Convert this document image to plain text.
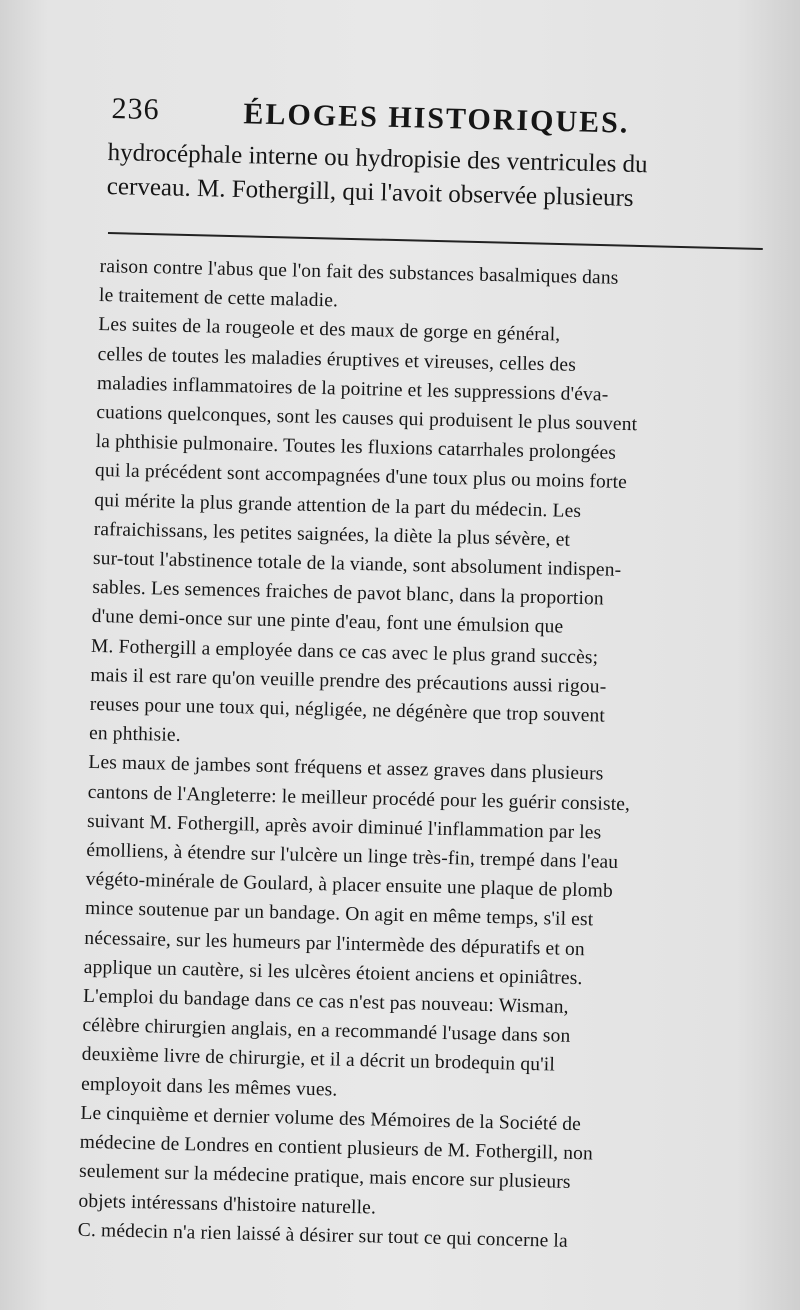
236	ÉLOGES HISTORIQUES.
hydrocéphale interne ou hydropisie des ventricules du
cerveau. M. Fothergill, qui l'avoit observée plusieurs
raison contre l'abus que l'on fait des substances basalmiques dans
le traitement de cette maladie.
Les suites de la rougeole et des maux de gorge en général,
celles de toutes les maladies éruptives et vireuses, celles des
maladies inflammatoires de la poitrine et les suppressions d'éva-
cuations quelconques, sont les causes qui produisent le plus souvent
la phthisie pulmonaire. Toutes les fluxions catarrhales prolongées
qui la précédent sont accompagnées d'une toux plus ou moins forte
qui mérite la plus grande attention de la part du médecin. Les
rafraichissans, les petites saignées, la diète la plus sévère, et
sur-tout l'abstinence totale de la viande, sont absolument indispen-
sables. Les semences fraiches de pavot blanc, dans la proportion
d'une demi-once sur une pinte d'eau, font une émulsion que
M. Fothergill a employée dans ce cas avec le plus grand succès;
mais il est rare qu'on veuille prendre des précautions aussi rigou-
reuses pour une toux qui, négligée, ne dégénère que trop souvent
en phthisie.
Les maux de jambes sont fréquens et assez graves dans plusieurs
cantons de l'Angleterre: le meilleur procédé pour les guérir consiste,
suivant M. Fothergill, après avoir diminué l'inflammation par les
émolliens, à étendre sur l'ulcère un linge très-fin, trempé dans l'eau
végéto-minérale de Goulard, à placer ensuite une plaque de plomb
mince soutenue par un bandage. On agit en même temps, s'il est
nécessaire, sur les humeurs par l'intermède des dépuratifs et on
applique un cautère, si les ulcères étoient anciens et opiniâtres.
L'emploi du bandage dans ce cas n'est pas nouveau: Wisman,
célèbre chirurgien anglais, en a recommandé l'usage dans son
deuxième livre de chirurgie, et il a décrit un brodequin qu'il
employoit dans les mêmes vues.
Le cinquième et dernier volume des Mémoires de la Société de
médecine de Londres en contient plusieurs de M. Fothergill, non
seulement sur la médecine pratique, mais encore sur plusieurs
objets intéressans d'histoire naturelle.
C. médecin n'a rien laissé à désirer sur tout ce qui concerne la
